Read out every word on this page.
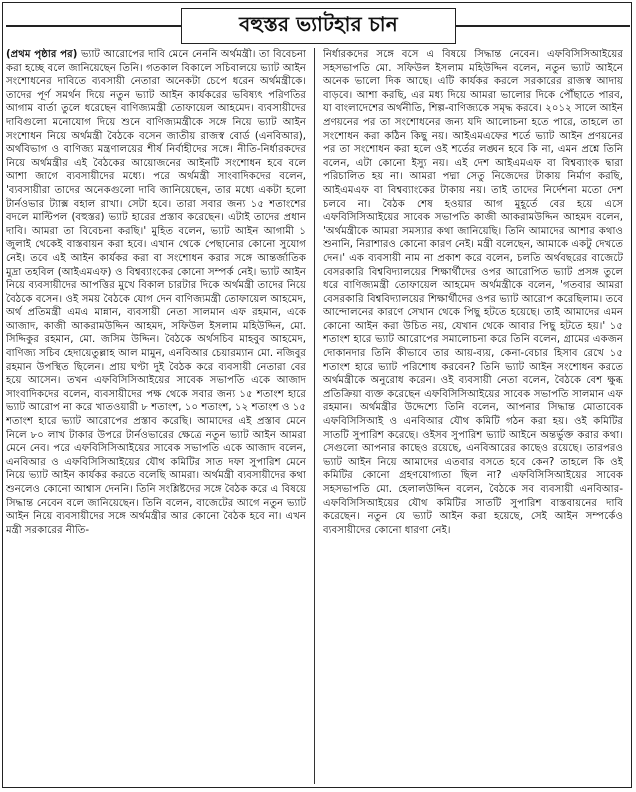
বহুস্তর ভ্যাটহার চান

(প্রথম পৃষ্ঠার পর) ভ্যাট আরোপের দাবি মেনে নেননি অর্থমন্ত্রী। তা বিবেচনা করা হচ্ছে বলে জানিয়েছেন তিনি। গতকাল বিকালে সচিবালয়ে ভ্যাট আইন সংশোধনের দাবিতে ব্যবসায়ী নেতারা অনেকটা চেপে ধরেন অর্থমন্ত্রীকে। তাদের পূর্ণ সমর্থন দিয়ে নতুন ভ্যাট আইন কার্যকরের ভবিষ্যৎ পরিণতির আগাম বার্তা তুলে ধরেছেন বাণিজ্যমন্ত্রী তোফায়েল আহমেদ। ব্যবসায়ীদের দাবিগুলো মনোযোগ দিয়ে শুনে বাণিজ্যমন্ত্রীকে সঙ্গে নিয়ে ভ্যাট আইন সংশোধন নিয়ে অর্থমন্ত্রী বৈঠকে বসেন জাতীয় রাজস্ব বোর্ড (এনবিআর), অর্থবিভাগ ও বাণিজ্য মন্ত্রণালয়ের শীর্ষ নির্বাহীদের সঙ্গে। নীতি-নির্ধারকদের নিয়ে অর্থমন্ত্রীর এই বৈঠকের আয়োজনের আইনটি সংশোধন হবে বলে আশা জাগে ব্যবসায়ীদের মধ্যে। পরে অর্থমন্ত্রী সাংবাদিকদের বলেন, 'ব্যবসায়ীরা তাদের অনেকগুলো দাবি জানিয়েছেন, তার মধ্যে একটা হলো টার্নওভার ট্যাক্স বহাল রাখা। সেটা হবে। তারা সবার জন্য ১৫ শতাংশের বদলে মাল্টিপল (বহুস্তর) ভ্যাট হারের প্রস্তাব করেছেন। এটাই তাদের প্রধান দাবি। আমরা তা বিবেচনা করছি।' মুহিত বলেন, ভ্যাট আইন আগামী ১ জুলাই থেকেই বাস্তবায়ন করা হবে। এখান থেকে পেছানোর কোনো সুযোগ নেই। তবে এই আইন কার্যকর করা বা সংশোধন করার সঙ্গে আন্তর্জাতিক মুদ্রা তহবিল (আইএমএফ) ও বিশ্বব্যাংকের কোনো সম্পর্ক নেই। ভ্যাট আইন নিয়ে ব্যবসায়ীদের আপত্তির মুখে বিকাল চারটার দিকে অর্থমন্ত্রী তাদের নিয়ে বৈঠকে বসেন। ওই সময় বৈঠকে যোগ দেন বাণিজ্যমন্ত্রী তোফায়েল আহমেদ, অর্থ প্রতিমন্ত্রী এমএ মান্নান, ব্যবসায়ী নেতা সালমান এফ রহমান, একে আজাদ, কাজী আকরামউদ্দিন আহমদ, সফিউল ইসলাম মহিউদ্দিন, মো. সিদ্দিকুর রহমান, মো. জসিম উদ্দিন। বৈঠকে অর্থসচিব মাহবুব আহমেদ, বাণিজ্য সচিব হেদায়েতুল্লাহ আল মামুন, এনবিআর চেয়ারম্যান মো. নজিবুর রহমান উপস্থিত ছিলেন। প্রায় ঘণ্টা দুই বৈঠক করে ব্যবসায়ী নেতারা বের হয়ে আসেন। তখন এফবিসিসিআইয়ের সাবেক সভাপতি একে আজাদ সাংবাদিকদের বলেন, ব্যবসায়ীদের পক্ষ থেকে সবার জন্য ১৫ শতাংশ হারে ভ্যাট আরোপ না করে খাতওয়ারী ৮ শতাংশ, ১০ শতাংশ, ১২ শতাংশ ও ১৫ শতাংশ হারে ভ্যাট আরোপের প্রস্তাব করেছি। আমাদের এই প্রস্তাব মেনে নিলে ৮০ লাখ টাকার উপরে টার্নওভারের ক্ষেত্রে নতুন ভ্যাট আইন আমরা মেনে নেব। পরে এফবিসিসিআইয়ের সাবেক সভাপতি একে আজাদ বলেন, এনবিআর ও এফবিসিসিআইয়ের যৌথ কমিটির সাত দফা সুপারিশ মেনে নিয়ে ভ্যাট আইন কার্যকর করতে বলেছি আমরা। অর্থমন্ত্রী ব্যবসায়ীদের কথা শুনলেও কোনো আশ্বাস দেননি। তিনি সংশ্লিষ্টদের সঙ্গে বৈঠক করে এ বিষয়ে সিদ্ধান্ত নেবেন বলে জানিয়েছেন। তিনি বলেন, বাজেটের আগে নতুন ভ্যাট আইন নিয়ে ব্যবসায়ীদের সঙ্গে অর্থমন্ত্রীর আর কোনো বৈঠক হবে না। এখন মন্ত্রী সরকারের নীতি-

নির্ধারকদের সঙ্গে বসে এ বিষয়ে সিদ্ধান্ত নেবেন। এফবিসিসিআইয়ের সহসভাপতি মো. সফিউল ইসলাম মহিউদ্দিন বলেন, নতুন ভ্যাট আইনে অনেক ভালো দিক আছে। এটি কার্যকর করলে সরকারের রাজস্ব আদায় বাড়বে। আশা করছি, এর মধ্য দিয়ে আমরা ভালোর দিকে পৌঁছাতে পারব, যা বাংলাদেশের অর্থনীতি, শিল্প-বাণিজ্যকে সমৃদ্ধ করবে। ২০১২ সালে আইন প্রণয়নের পর তা সংশোধনের জন্য যদি আলোচনা হতে পারে, তাহলে তা সংশোধন করা কঠিন কিছু নয়। আইএমএফের শর্তে ভ্যাট আইন প্রণয়নের পর তা সংশোধন করা হলে ওই শর্তের লঙ্ঘন হবে কি না, এমন প্রশ্নে তিনি বলেন, এটা কোনো ইস্যু নয়। এই দেশ আইএমএফ বা বিশ্বব্যাংক দ্বারা পরিচালিত হয় না। আমরা পদ্মা সেতু নিজেদের টাকায় নির্মাণ করছি, আইএমএফ বা বিশ্বব্যাংকের টাকায় নয়। তাই তাদের নির্দেশনা মতো দেশ চলবে না। বৈঠক শেষ হওয়ার আগ মুহূর্তে বের হয়ে এসে এফবিসিসিআইয়ের সাবেক সভাপতি কাজী আকরামউদ্দিন আহমদ বলেন, 'অর্থমন্ত্রীকে আমরা সমস্যার কথা জানিয়েছি। তিনি আমাদের আশার কথাও শুনানি, নিরাশারও কোনো কারণ নেই। মন্ত্রী বলেছেন, আমাকে একটু দেখতে দেন।' এক ব্যবসায়ী নাম না প্রকাশ করে বলেন, চলতি অর্থবছরের বাজেটে বেসরকারি বিশ্ববিদ্যালয়ের শিক্ষার্থীদের ওপর আরোপিত ভ্যাট প্রসঙ্গ তুলে ধরে বাণিজ্যমন্ত্রী তোফায়েল আহমেদ অর্থমন্ত্রীকে বলেন, 'গতবার আমরা বেসরকারি বিশ্ববিদ্যালয়ের শিক্ষার্থীদের ওপর ভ্যাট আরোপ করেছিলাম। তবে আন্দোলনের কারণে সেখান থেকে পিছু হটতে হয়েছে। তাই আমাদের এমন কোনো আইন করা উচিত নয়, যেখান থেকে আবার পিছু হটতে হয়।' ১৫ শতাংশ হারে ভ্যাট আরোপের সমালোচনা করে তিনি বলেন, গ্রামের একজন দোকানদার তিনি কীভাবে তার আয়-ব্যয়, কেনা-বেচার হিসাব রেখে ১৫ শতাংশ হারে ভ্যাট পরিশোধ করবেন? তিনি ভ্যাট আইন সংশোধন করতে অর্থমন্ত্রীকে অনুরোধ করেন। ওই ব্যবসায়ী নেতা বলেন, বৈঠকে বেশ ক্ষুব্ধ প্রতিক্রিয়া ব্যক্ত করেছেন এফবিসিসিআইয়ের সাবেক সভাপতি সালমান এফ রহমান। অর্থমন্ত্রীর উদ্দেশ্যে তিনি বলেন, আপনার সিদ্ধান্ত মোতাবেক এফবিসিসিআই ও এনবিআর যৌথ কমিটি গঠন করা হয়। ওই কমিটির সাতটি সুপারিশ করেছে। ওইসব সুপারিশ ভ্যাট আইনে অন্তর্ভুক্ত করার কথা। সেগুলো আপনার কাছেও রয়েছে, এনবিআরের কাছেও রয়েছে। তারপরও ভ্যাট আইন নিয়ে আমাদের এতবার বসতে হবে কেন? তাহলে কি ওই কমিটির কোনো গ্রহণযোগ্যতা ছিল না? এফবিসিসিআইয়ের সাবেক সহসভাপতি মো. হেলালউদ্দিন বলেন, বৈঠকে সব ব্যবসায়ী এনবিআর-এফবিসিসিআইয়ের যৌথ কমিটির সাতটি সুপারিশ বাস্তবায়নের দাবি করেছেন। নতুন যে ভ্যাট আইন করা হয়েছে, সেই আইন সম্পর্কেও ব্যবসায়ীদের কোনো ধারণা নেই।
